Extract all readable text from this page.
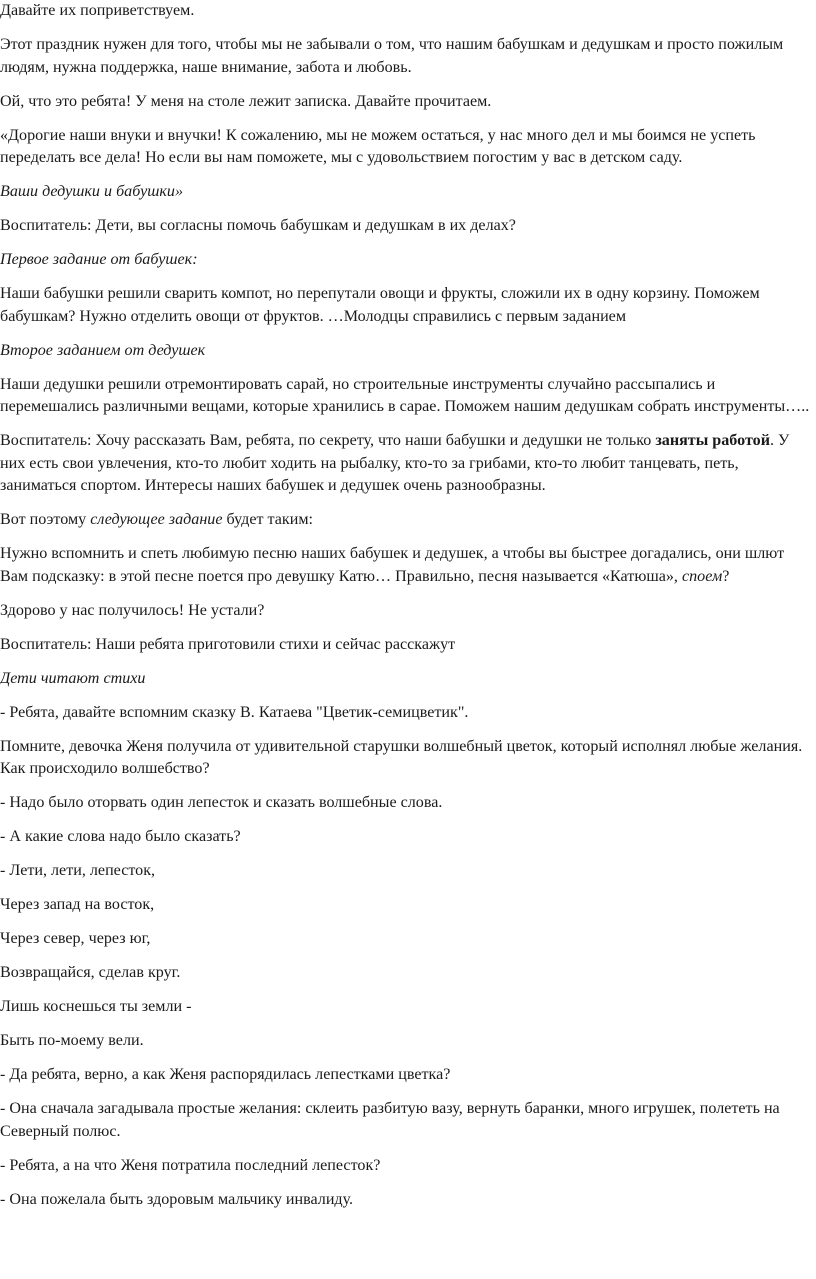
Давайте их поприветствуем.

Этот праздник нужен для того, чтобы мы не забывали о том, что нашим бабушкам и дедушкам и просто пожилым людям, нужна поддержка, наше внимание, забота и любовь.

Ой, что это ребята! У меня на столе лежит записка. Давайте прочитаем.

«Дорогие наши внуки и внучки! К сожалению, мы не можем остаться, у нас много дел и мы боимся не успеть переделать все дела! Но если вы нам поможете, мы с удовольствием погостим у вас в детском саду.

Ваши дедушки и бабушки»

Воспитатель: Дети, вы согласны помочь бабушкам и дедушкам в их делах?

Первое задание от бабушек:

Наши бабушки решили сварить компот, но перепутали овощи и фрукты, сложили их в одну корзину. Поможем бабушкам? Нужно отделить овощи от фруктов. …Молодцы справились с первым заданием

Второе заданием от дедушек

Наши дедушки решили отремонтировать сарай, но строительные инструменты случайно рассыпались и перемешались различными вещами, которые хранились в сарае. Поможем нашим дедушкам собрать инструменты…..

Воспитатель: Хочу рассказать Вам, ребята, по секрету, что наши бабушки и дедушки не только заняты работой. У них есть свои увлечения, кто-то любит ходить на рыбалку, кто-то за грибами, кто-то любит танцевать, петь, заниматься спортом. Интересы наших бабушек и дедушек очень разнообразны.

Вот поэтому следующее задание будет таким:

Нужно вспомнить и спеть любимую песню наших бабушек и дедушек, а чтобы вы быстрее догадались, они шлют Вам подсказку: в этой песне поется про девушку Катю… Правильно, песня называется «Катюша», споем?

Здорово у нас получилось! Не устали?

Воспитатель: Наши ребята приготовили стихи и сейчас расскажут

Дети читают стихи

- Ребята, давайте вспомним сказку В. Катаева "Цветик-семицветик".

Помните, девочка Женя получила от удивительной старушки волшебный цветок, который исполнял любые желания. Как происходило волшебство?

- Надо было оторвать один лепесток и сказать волшебные слова.

- А какие слова надо было сказать?

- Лети, лети, лепесток,

Через запад на восток,

Через север, через юг,

Возвращайся, сделав круг.

Лишь коснешься ты земли -

Быть по-моему вели.

- Да ребята, верно, а как Женя распорядилась лепестками цветка?

- Она сначала загадывала простые желания: склеить разбитую вазу, вернуть баранки, много игрушек, полететь на Северный полюс.

- Ребята, а на что Женя потратила последний лепесток?

- Она пожелала быть здоровым мальчику инвалиду.
